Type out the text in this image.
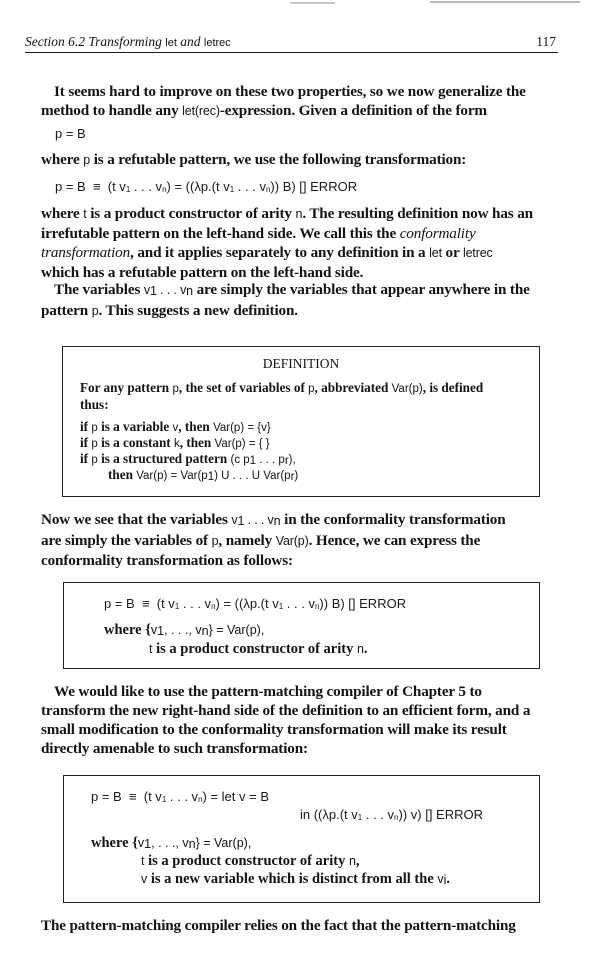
Section 6.2 Transforming let and letrec	117
It seems hard to improve on these two properties, so we now generalize the
method to handle any let(rec)-expression. Given a definition of the form
p = B
where p is a refutable pattern, we use the following transformation:
p = B  ≡  (t $v_1$ . . . $v_n) = ((\lambda p.(t$ $v_1$ . . . $v_n$)) B) [] ERROR
where t is a product constructor of arity n. The resulting definition now has an
irrefutable pattern on the left-hand side. We call this the conformality
transformation, and it applies separately to any definition in a let or letrec
which has a refutable pattern on the left-hand side.
The variables $v_1$ . . . $v_n$ are simply the variables that appear anywhere in the
pattern p. This suggests a new definition.
DEFINITION
For any pattern p, the set of variables of p, abbreviated Var(p), is defined
thus:
if p is a variable v, then Var(p) = {v}
if p is a constant k, then Var(p) = { }
if p is a structured pattern (c $p_1$ . . . $p_r$),
then $Var(p) = Var(p_1)$ U . . . U $Var(p_r)$
Now we see that the variables $v_1$ . . . $v_n$ in the conformality transformation
are simply the variables of p, namely Var(p). Hence, we can express the
conformality transformation as follows:
p = B  ≡  (t $v_1$ . . . $v_n) = ((\lambda p.(t$ $v_1$ . . . $v_n$)) B) [] ERROR
where {$v_1$, . . ., $v_n\} = Var(p)$,
t is a product constructor of arity n.
We would like to use the pattern-matching compiler of Chapter 5 to
transform the new right-hand side of the definition to an efficient form, and a
small modification to the conformality transformation will make its result
directly amenable to such transformation:
p = B  ≡  (t $v_1$ . . . $v_n$) = let v = B
in ((λp.(t $v_1$ . . . $v_n$)) v) [] ERROR
where {$v_1$, . . ., $v_n\} = Var(p)$,
t is a product constructor of arity n,
v is a new variable which is distinct from all the $v_i$.
The pattern-matching compiler relies on the fact that the pattern-matching
